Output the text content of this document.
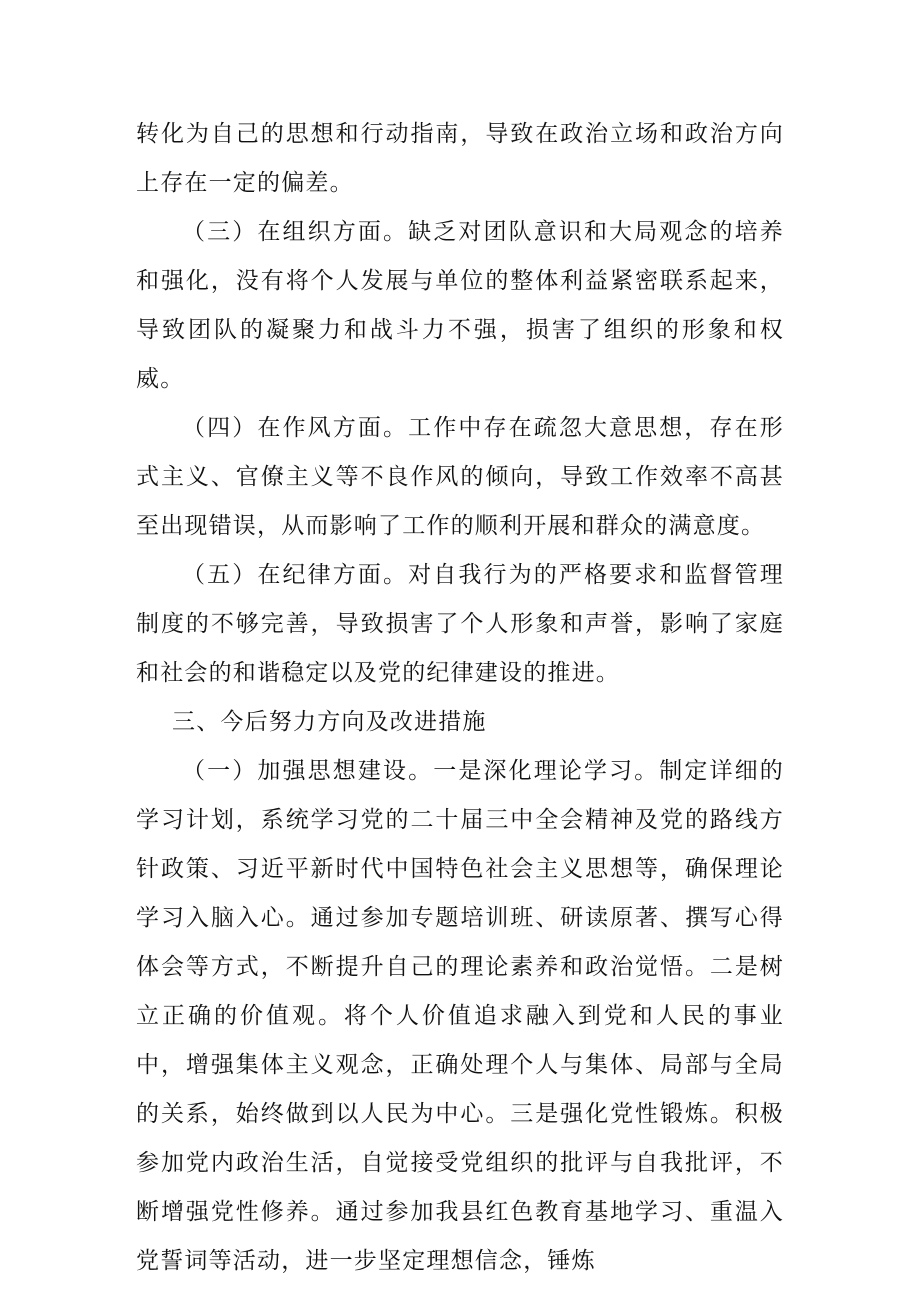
转化为自己的思想和行动指南，导致在政治立场和政治方向上存在一定的偏差。

（三）在组织方面。缺乏对团队意识和大局观念的培养和强化，没有将个人发展与单位的整体利益紧密联系起来，导致团队的凝聚力和战斗力不强，损害了组织的形象和权威。

（四）在作风方面。工作中存在疏忽大意思想，存在形式主义、官僚主义等不良作风的倾向，导致工作效率不高甚至出现错误，从而影响了工作的顺利开展和群众的满意度。

（五）在纪律方面。对自我行为的严格要求和监督管理制度的不够完善，导致损害了个人形象和声誉，影响了家庭和社会的和谐稳定以及党的纪律建设的推进。

三、今后努力方向及改进措施

（一）加强思想建设。一是深化理论学习。制定详细的学习计划，系统学习党的二十届三中全会精神及党的路线方针政策、习近平新时代中国特色社会主义思想等，确保理论学习入脑入心。通过参加专题培训班、研读原著、撰写心得体会等方式，不断提升自己的理论素养和政治觉悟。二是树立正确的价值观。将个人价值追求融入到党和人民的事业中，增强集体主义观念，正确处理个人与集体、局部与全局的关系，始终做到以人民为中心。三是强化党性锻炼。积极参加党内政治生活，自觉接受党组织的批评与自我批评，不断增强党性修养。通过参加我县红色教育基地学习、重温入党誓词等活动，进一步坚定理想信念，锤炼
